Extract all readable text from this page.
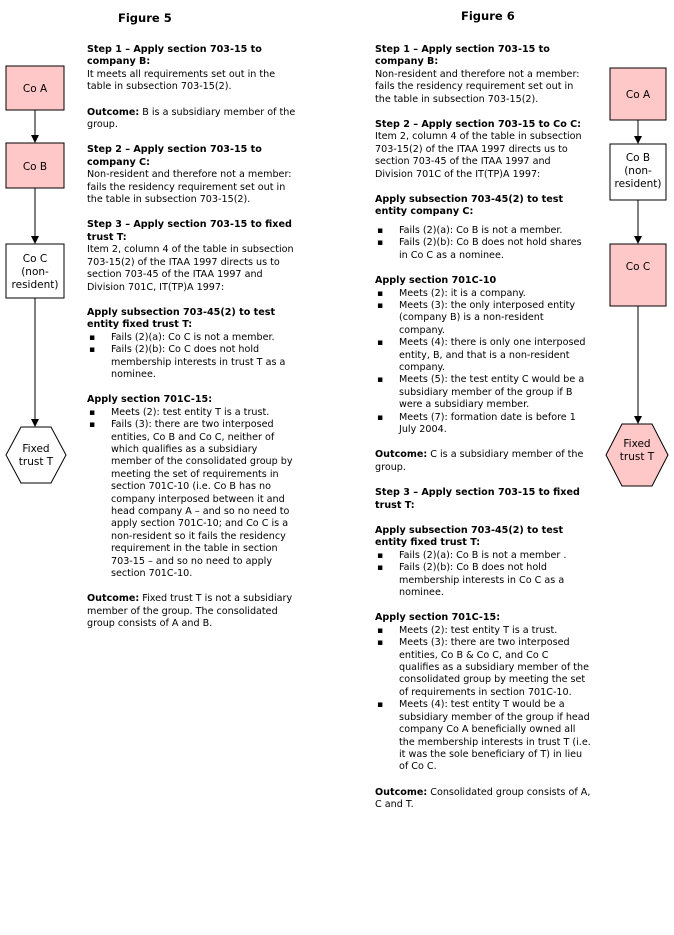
Figure 5	Figure 6
Co A
Co B
Co C
(non-
resident)
Fixed
trust T
Co A
Co B
(non-
resident)
Co C
Fixed
trust T
Step 1 – Apply section 703-15 to company B:
It meets all requirements set out in the table in subsection 703-15(2).

Outcome: B is a subsidiary member of the group.

Step 2 – Apply section 703-15 to company C:
Non-resident and therefore not a member: fails the residency requirement set out in the table in subsection 703-15(2).
Step 3 – Apply section 703-15 to fixed trust T:
Item 2, column 4 of the table in subsection 703-15(2) of the ITAA 1997 directs us to section 703-45 of the ITAA 1997 and Division 701C, IT(TP)A 1997:
Apply subsection 703-45(2) to test entity fixed trust T:
▪ Fails (2)(a): Co C is not a member.
▪ Fails (2)(b): Co C does not hold membership interests in trust T as a nominee.
Apply section 701C-15:
▪ Meets (2): test entity T is a trust.
▪ Fails (3): there are two interposed entities, Co B and Co C, neither of which qualifies as a subsidiary member of the consolidated group by meeting the set of requirements in section 701C-10 (i.e. Co B has no company interposed between it and head company A – and so no need to apply section 701C-10; and Co C is a non-resident so it fails the residency requirement in the table in section 703-15 – and so no need to apply section 701C-10.

Outcome: Fixed trust T is not a subsidiary member of the group. The consolidated group consists of A and B.

Step 1 – Apply section 703-15 to company B:
Non-resident and therefore not a member: fails the residency requirement set out in the table in subsection 703-15(2).
Step 2 – Apply section 703-15 to Co C:
Item 2, column 4 of the table in subsection 703-15(2) of the ITAA 1997 directs us to section 703-45 of the ITAA 1997 and Division 701C of the IT(TP)A 1997:
Apply subsection 703-45(2) to test entity company C:
▪ Fails (2)(a): Co B is not a member.
▪ Fails (2)(b): Co B does not hold shares in Co C as a nominee.
Apply section 701C-10
▪ Meets (2): it is a company.
▪ Meets (3): the only interposed entity (company B) is a non-resident company.
▪ Meets (4): there is only one interposed entity, B, and that is a non-resident company.
▪ Meets (5): the test entity C would be a subsidiary member of the group if B were a subsidiary member.
▪ Meets (7): formation date is before 1 July 2004.

Outcome: C is a subsidiary member of the group.

Step 3 – Apply section 703-15 to fixed trust T:

Apply subsection 703-45(2) to test entity fixed trust T:
▪ Fails (2)(a): Co B is not a member .
▪ Fails (2)(b): Co B does not hold membership interests in Co C as a nominee.
Apply section 701C-15:
▪ Meets (2): test entity T is a trust.
▪ Meets (3): there are two interposed entities, Co B & Co C, and Co C qualifies as a subsidiary member of the consolidated group by meeting the set of requirements in section 701C-10.
▪ Meets (4): test entity T would be a subsidiary member of the group if head company Co A beneficially owned all the membership interests in trust T (i.e. it was the sole beneficiary of T) in lieu of Co C.

Outcome: Consolidated group consists of A, C and T.
